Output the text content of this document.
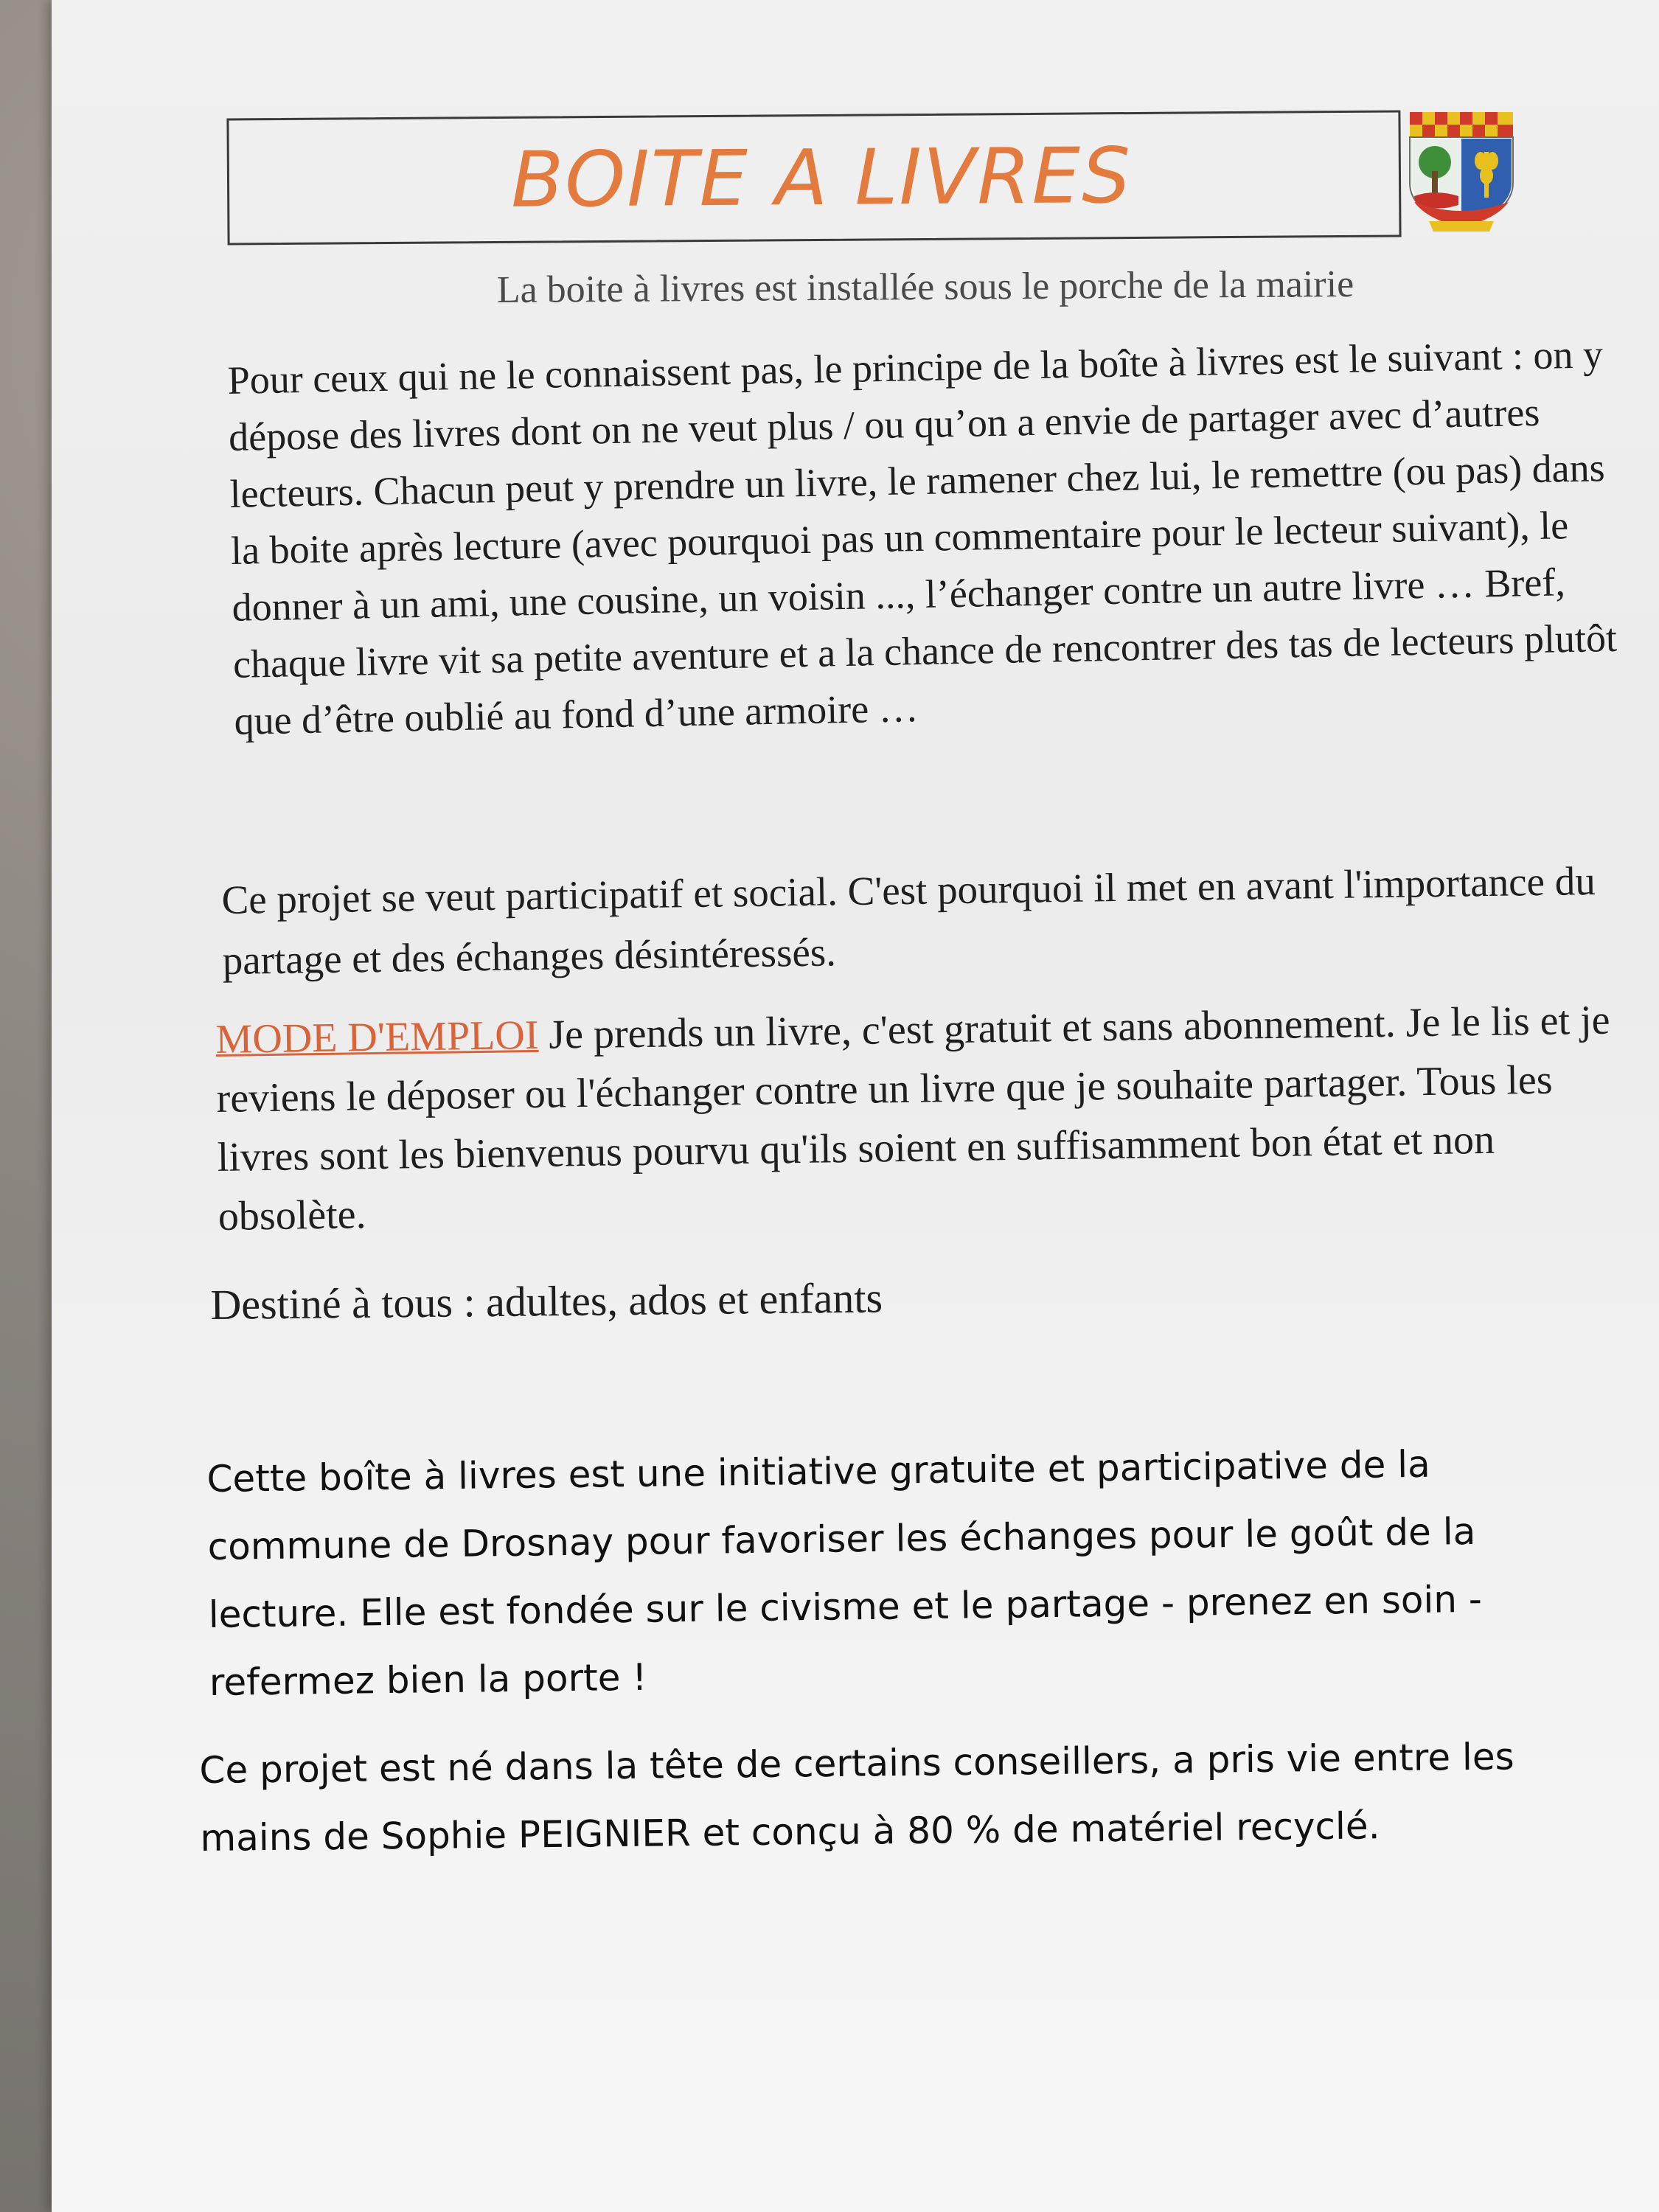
BOITE A LIVRES
La boite à livres est installée sous le porche de la mairie

Pour ceux qui ne le connaissent pas, le principe de la boîte à livres est le suivant : on y dépose des livres dont on ne veut plus / ou qu’on a envie de partager avec d’autres lecteurs. Chacun peut y prendre un livre, le ramener chez lui, le remettre (ou pas) dans la boite après lecture (avec pourquoi pas un commentaire pour le lecteur suivant), le donner à un ami, une cousine, un voisin ..., l’échanger contre un autre livre … Bref, chaque livre vit sa petite aventure et a la chance de rencontrer des tas de lecteurs plutôt que d’être oublié au fond d’une armoire …

Ce projet se veut participatif et social. C'est pourquoi il met en avant l'importance du partage et des échanges désintéressés.

MODE D'EMPLOI Je prends un livre, c'est gratuit et sans abonnement. Je le lis et je reviens le déposer ou l'échanger contre un livre que je souhaite partager. Tous les livres sont les bienvenus pourvu qu'ils soient en suffisamment bon état et non obsolète.

Destiné à tous : adultes, ados et enfants

Cette boîte à livres est une initiative gratuite et participative de la commune de Drosnay pour favoriser les échanges pour le goût de la lecture. Elle est fondée sur le civisme et le partage - prenez en soin - refermez bien la porte !

Ce projet est né dans la tête de certains conseillers, a pris vie entre les mains de Sophie PEIGNIER et conçu à 80 % de matériel recyclé.
